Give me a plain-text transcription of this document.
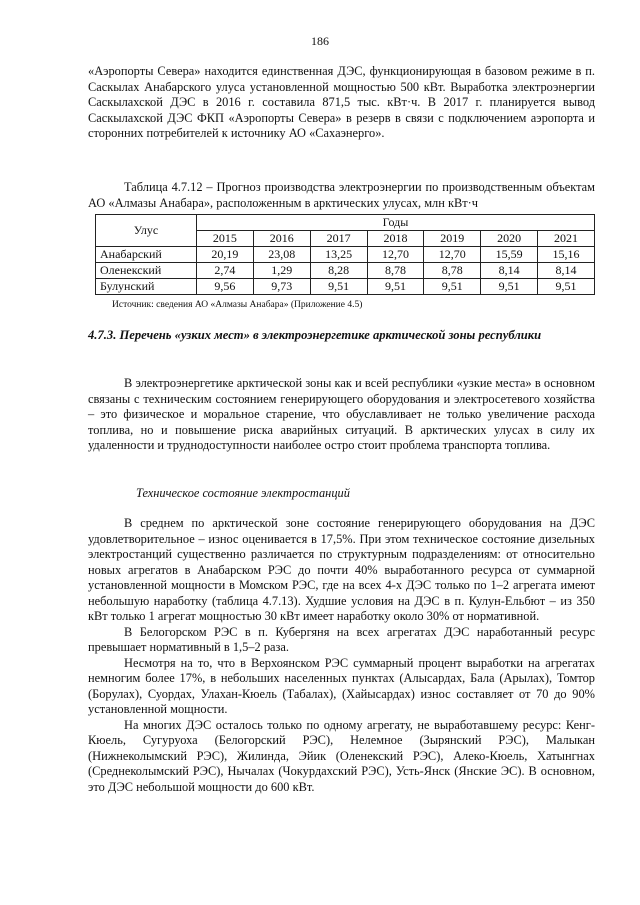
186

«Аэропорты Севера» находится единственная ДЭС, функционирующая в базовом режиме в п. Саскылах Анабарского улуса установленной мощностью 500 кВт. Выработка электроэнергии Саскылахской ДЭС в 2016 г. составила 871,5 тыс. кВт·ч. В 2017 г. планируется вывод Саскылахской ДЭС ФКП «Аэропорты Севера» в резерв в связи с подключением аэропорта и сторонних потребителей к источнику АО «Сахаэнерго».

Таблица 4.7.12 – Прогноз производства электроэнергии по производственным объектам АО «Алмазы Анабара», расположенным в арктических улусах, млн кВт·ч

Улус	Годы						
	2015	2016	2017	2018	2019	2020	2021
Анабарский	20,19	23,08	13,25	12,70	12,70	15,59	15,16
Оленекский	2,74	1,29	8,28	8,78	8,78	8,14	8,14
Булунский	9,56	9,73	9,51	9,51	9,51	9,51	9,51
Источник: сведения АО «Алмазы Анабара» (Приложение 4.5)
4.7.3. Перечень «узких мест» в электроэнергетике арктической зоны республики

В электроэнергетике арктической зоны как и всей республики «узкие места» в основном связаны с техническим состоянием генерирующего оборудования и электросетевого хозяйства – это физическое и моральное старение, что обуславливает не только увеличение расхода топлива, но и повышение риска аварийных ситуаций. В арктических улусах в силу их удаленности и труднодоступности наиболее остро стоит проблема транспорта топлива.

Техническое состояние электростанций

В среднем по арктической зоне состояние генерирующего оборудования на ДЭС удовлетворительное – износ оценивается в 17,5%. При этом техническое состояние дизельных электростанций существенно различается по структурным подразделениям: от относительно новых агрегатов в Анабарском РЭС до почти 40% выработанного ресурса от суммарной установленной мощности в Момском РЭС, где на всех 4-х ДЭС только по 1–2 агрегата имеют небольшую наработку (таблица 4.7.13). Худшие условия на ДЭС в п. Кулун-Ельбют – из 350 кВт только 1 агрегат мощностью 30 кВт имеет наработку около 30% от нормативной.

В Белогорском РЭС в п. Кубергяня на всех агрегатах ДЭС наработанный ресурс превышает нормативный в 1,5–2 раза.

Несмотря на то, что в Верхоянском РЭС суммарный процент выработки на агрегатах немногим более 17%, в небольших населенных пунктах (Алысардах, Бала (Арылах), Томтор (Борулах), Суордах, Улахан-Кюель (Табалах), (Хайысардах) износ составляет от 70 до 90% установленной мощности.

На многих ДЭС осталось только по одному агрегату, не выработавшему ресурс: Кенг-Кюель, Сугуруоха (Белогорский РЭС), Нелемное (Зырянский РЭС), Малыкан (Нижнеколымский РЭС), Жилинда, Эйик (Оленекский РЭС), Алеко-Кюель, Хатынгнах (Среднеколымский РЭС), Нычалах (Чокурдахский РЭС), Усть-Янск (Янские ЭС). В основном, это ДЭС небольшой мощности до 600 кВт.
